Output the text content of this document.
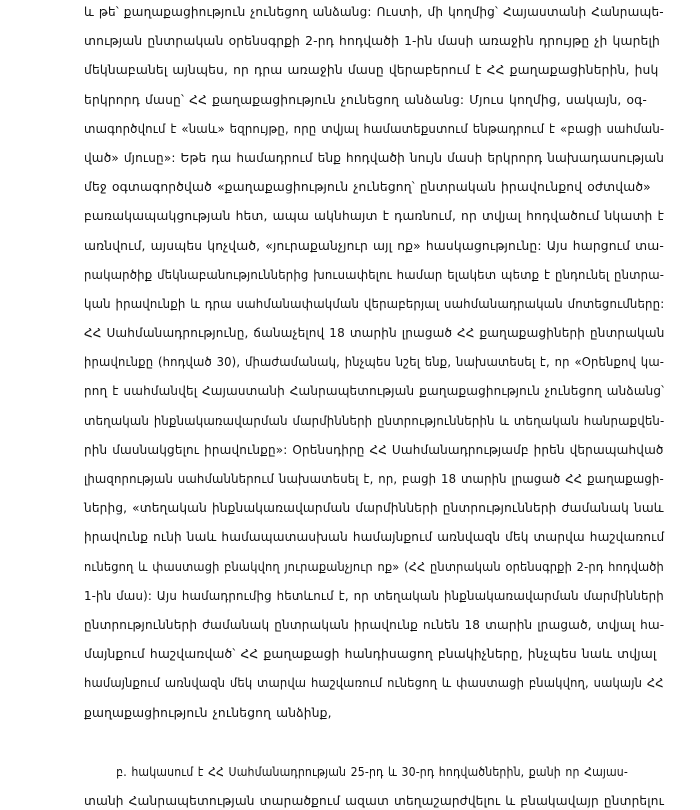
և թե՝ քաղաքացիություն չունեցող անձանց: Ուստի, մի կողմից՝ Հայաստանի Հանրապե-
տության ընտրական օրենսգրքի 2-րդ հոդվածի 1-ին մասի առաջին դրույթը չի կարելի
մեկնաբանել այնպես, որ դրա առաջին մասը վերաբերում է ՀՀ քաղաքացիներին, իսկ
երկրորդ մասը՝ ՀՀ քաղաքացիություն չունեցող անձանց: Մյուս կողմից, սակայն, օգ-
տագործվում է «նաև» եզրույթը, որը տվյալ համատեքստում ենթադրում է «բացի սահման-
ված» մյուսը»: Եթե դա համադրում ենք հոդվածի նույն մասի երկրորդ նախադասության
մեջ օգտագործված «քաղաքացիություն չունեցող՝ ընտրական իրավունքով օժտված»
բառակապակցության հետ, ապա ակնհայտ է դառնում, որ տվյալ հոդվածում նկատի է
առնվում, այսպես կոչված, «յուրաքանչյուր այլ ոք» հասկացությունը: Այս հարցում տա-
րակարծիք մեկնաբանություններից խուսափելու համար ելակետ պետք է ընդունել ընտրա-
կան իրավունքի և դրա սահմանափակման վերաբերյալ սահմանադրական մոտեցումները:
ՀՀ Սահմանադրությունը, ճանաչելով 18 տարին լրացած ՀՀ քաղաքացիների ընտրական
իրավունքը (հոդված 30), միաժամանակ, ինչպես նշել ենք, նախատեսել է, որ «Օրենքով կա-
րող է սահմանվել Հայաստանի Հանրապետության քաղաքացիություն չունեցող անձանց՝
տեղական ինքնակառավարման մարմինների ընտրություններին և տեղական հանրաքվեն-
րին մասնակցելու իրավունքը»: Օրենսդիրը ՀՀ Սահմանադրությամբ իրեն վերապահված
լիազորության սահմաններում նախատեսել է, որ, բացի 18 տարին լրացած ՀՀ քաղաքացի-
ներից, «տեղական ինքնակառավարման մարմինների ընտրությունների ժամանակ նաև
իրավունք ունի նաև համապատասխան համայնքում առնվազն մեկ տարվա հաշվառում
ունեցող և փաստացի բնակվող յուրաքանչյուր ոք» (ՀՀ ընտրական օրենսգրքի 2-րդ հոդվածի
1-ին մաս): Այս համադրումից հետևում է, որ տեղական ինքնակառավարման մարմինների
ընտրությունների ժամանակ ընտրական իրավունք ունեն 18 տարին լրացած, տվյալ հա-
մայնքում հաշվառված՝ ՀՀ քաղաքացի հանդիսացող բնակիչները, ինչպես նաև տվյալ
համայնքում առնվազն մեկ տարվա հաշվառում ունեցող և փաստացի բնակվող, սակայն ՀՀ
քաղաքացիություն չունեցող անձինք,
բ. հակասում է ՀՀ Սահմանադրության 25-րդ և 30-րդ հոդվածներին, քանի որ Հայաս-
տանի Հանրապետության տարածքում ազատ տեղաշարժվելու և բնակավայր ընտրելու
